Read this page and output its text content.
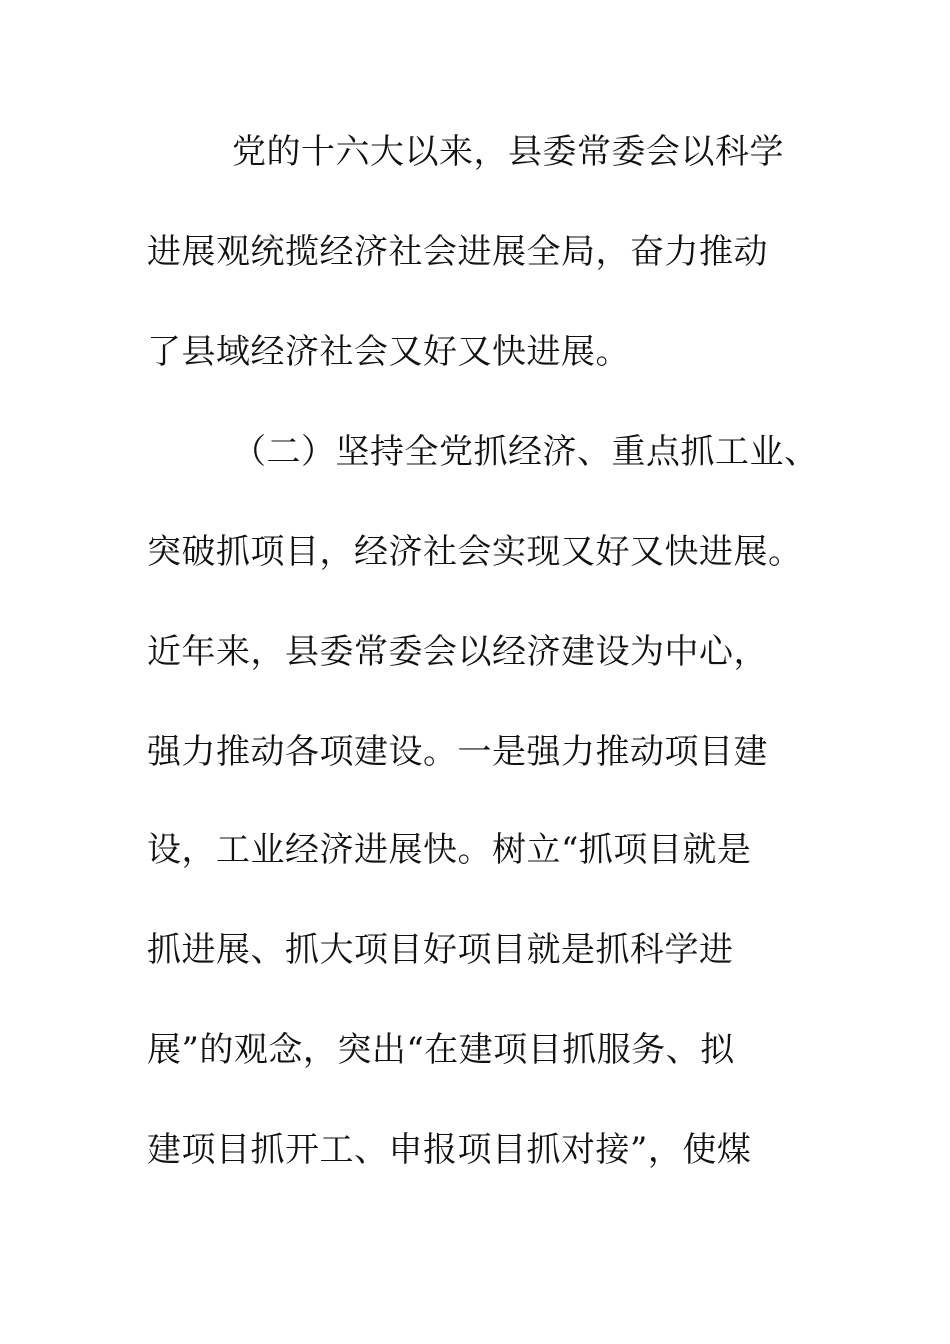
党的十六大以来，县委常委会以科学
进展观统揽经济社会进展全局，奋力推动
了县域经济社会又好又快进展。
（二）坚持全党抓经济、重点抓工业、
突破抓项目，经济社会实现又好又快进展。
近年来，县委常委会以经济建设为中心，
强力推动各项建设。一是强力推动项目建
设，工业经济进展快。树立“抓项目就是
抓进展、抓大项目好项目就是抓科学进
展”的观念，突出“在建项目抓服务、拟
建项目抓开工、申报项目抓对接”，使煤
